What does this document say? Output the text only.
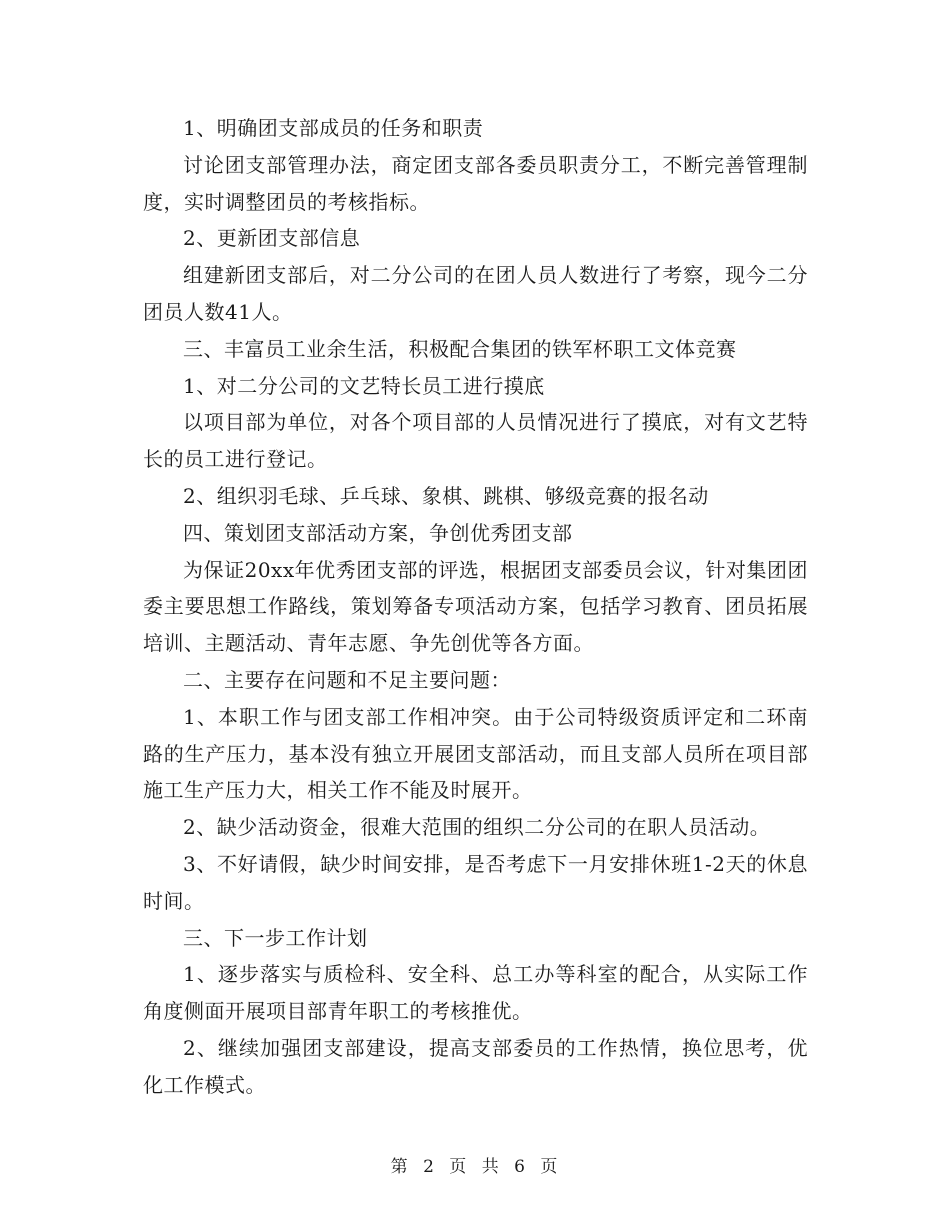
1、明确团支部成员的任务和职责

讨论团支部管理办法，商定团支部各委员职责分工，不断完善管理制度，实时调整团员的考核指标。

2、更新团支部信息

组建新团支部后，对二分公司的在团人员人数进行了考察，现今二分团员人数41人。

三、丰富员工业余生活，积极配合集团的铁军杯职工文体竞赛

1、对二分公司的文艺特长员工进行摸底

以项目部为单位，对各个项目部的人员情况进行了摸底，对有文艺特长的员工进行登记。

2、组织羽毛球、乒乓球、象棋、跳棋、够级竞赛的报名动

四、策划团支部活动方案，争创优秀团支部

为保证20xx年优秀团支部的评选，根据团支部委员会议，针对集团团委主要思想工作路线，策划筹备专项活动方案，包括学习教育、团员拓展培训、主题活动、青年志愿、争先创优等各方面。

二、主要存在问题和不足主要问题：

1、本职工作与团支部工作相冲突。由于公司特级资质评定和二环南路的生产压力，基本没有独立开展团支部活动，而且支部人员所在项目部施工生产压力大，相关工作不能及时展开。

2、缺少活动资金，很难大范围的组织二分公司的在职人员活动。

3、不好请假，缺少时间安排，是否考虑下一月安排休班1-2天的休息时间。

三、下一步工作计划

1、逐步落实与质检科、安全科、总工办等科室的配合，从实际工作角度侧面开展项目部青年职工的考核推优。

2、继续加强团支部建设，提高支部委员的工作热情，换位思考，优化工作模式。

第 2 页 共 6 页
